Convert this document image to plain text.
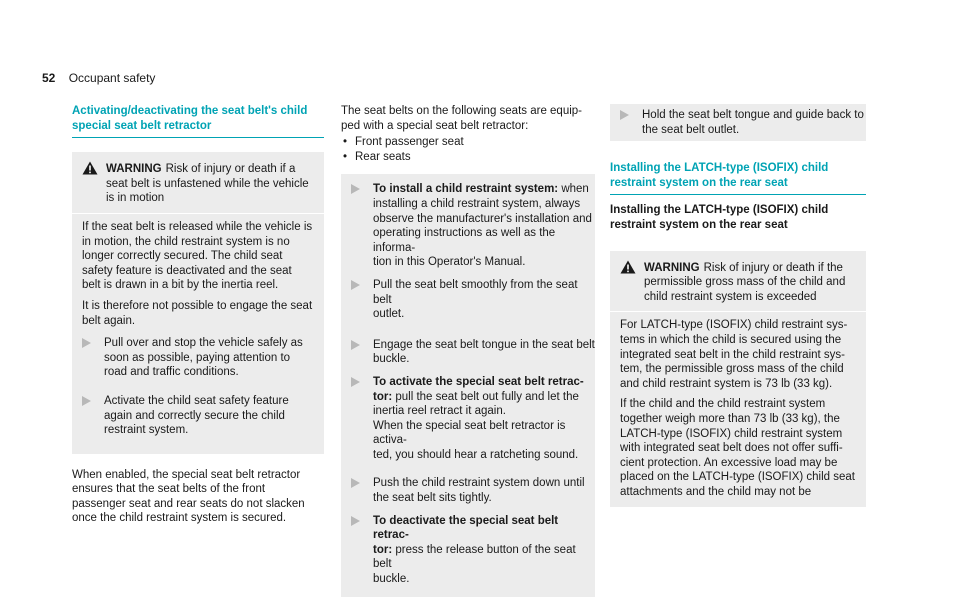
52 Occupant safety
Activating/deactivating the seat belt's child
special seat belt retractor
WARNING Risk of injury or death if a
seat belt is unfastened while the vehicle
is in motion

If the seat belt is released while the vehicle is
in motion, the child restraint system is no
longer correctly secured. The child seat
safety feature is deactivated and the seat
belt is drawn in a bit by the inertia reel.

It is therefore not possible to engage the seat
belt again.

Pull over and stop the vehicle safely as
soon as possible, paying attention to
road and traffic conditions.
Activate the child seat safety feature
again and correctly secure the child
restraint system.

When enabled, the special seat belt retractor
ensures that the seat belts of the front
passenger seat and rear seats do not slacken
once the child restraint system is secured.

The seat belts on the following seats are equip-
ped with a special seat belt retractor:

• Front passenger seat
• Rear seats
To install a child restraint system: when
installing a child restraint system, always
observe the manufacturer's installation and
operating instructions as well as the informa-
tion in this Operator's Manual.
Pull the seat belt smoothly from the seat belt
outlet.
Engage the seat belt tongue in the seat belt
buckle.
To activate the special seat belt retrac-
tor: pull the seat belt out fully and let the
inertia reel retract it again.
When the special seat belt retractor is activa-
ted, you should hear a ratcheting sound.
Push the child restraint system down until
the seat belt sits tightly.
To deactivate the special seat belt retrac-
tor: press the release button of the seat belt
buckle.
Hold the seat belt tongue and guide back to
the seat belt outlet.
Installing the LATCH-type (ISOFIX) child
restraint system on the rear seat
Installing the LATCH-type (ISOFIX) child
restraint system on the rear seat
WARNING Risk of injury or death if the
permissible gross mass of the child and
child restraint system is exceeded

For LATCH-type (ISOFIX) child restraint sys-
tems in which the child is secured using the
integrated seat belt in the child restraint sys-
tem, the permissible gross mass of the child
and child restraint system is 73 lb (33 kg).

If the child and the child restraint system
together weigh more than 73 lb (33 kg), the
LATCH-type (ISOFIX) child restraint system
with integrated seat belt does not offer suffi-
cient protection. An excessive load may be
placed on the LATCH-type (ISOFIX) child seat
attachments and the child may not be
